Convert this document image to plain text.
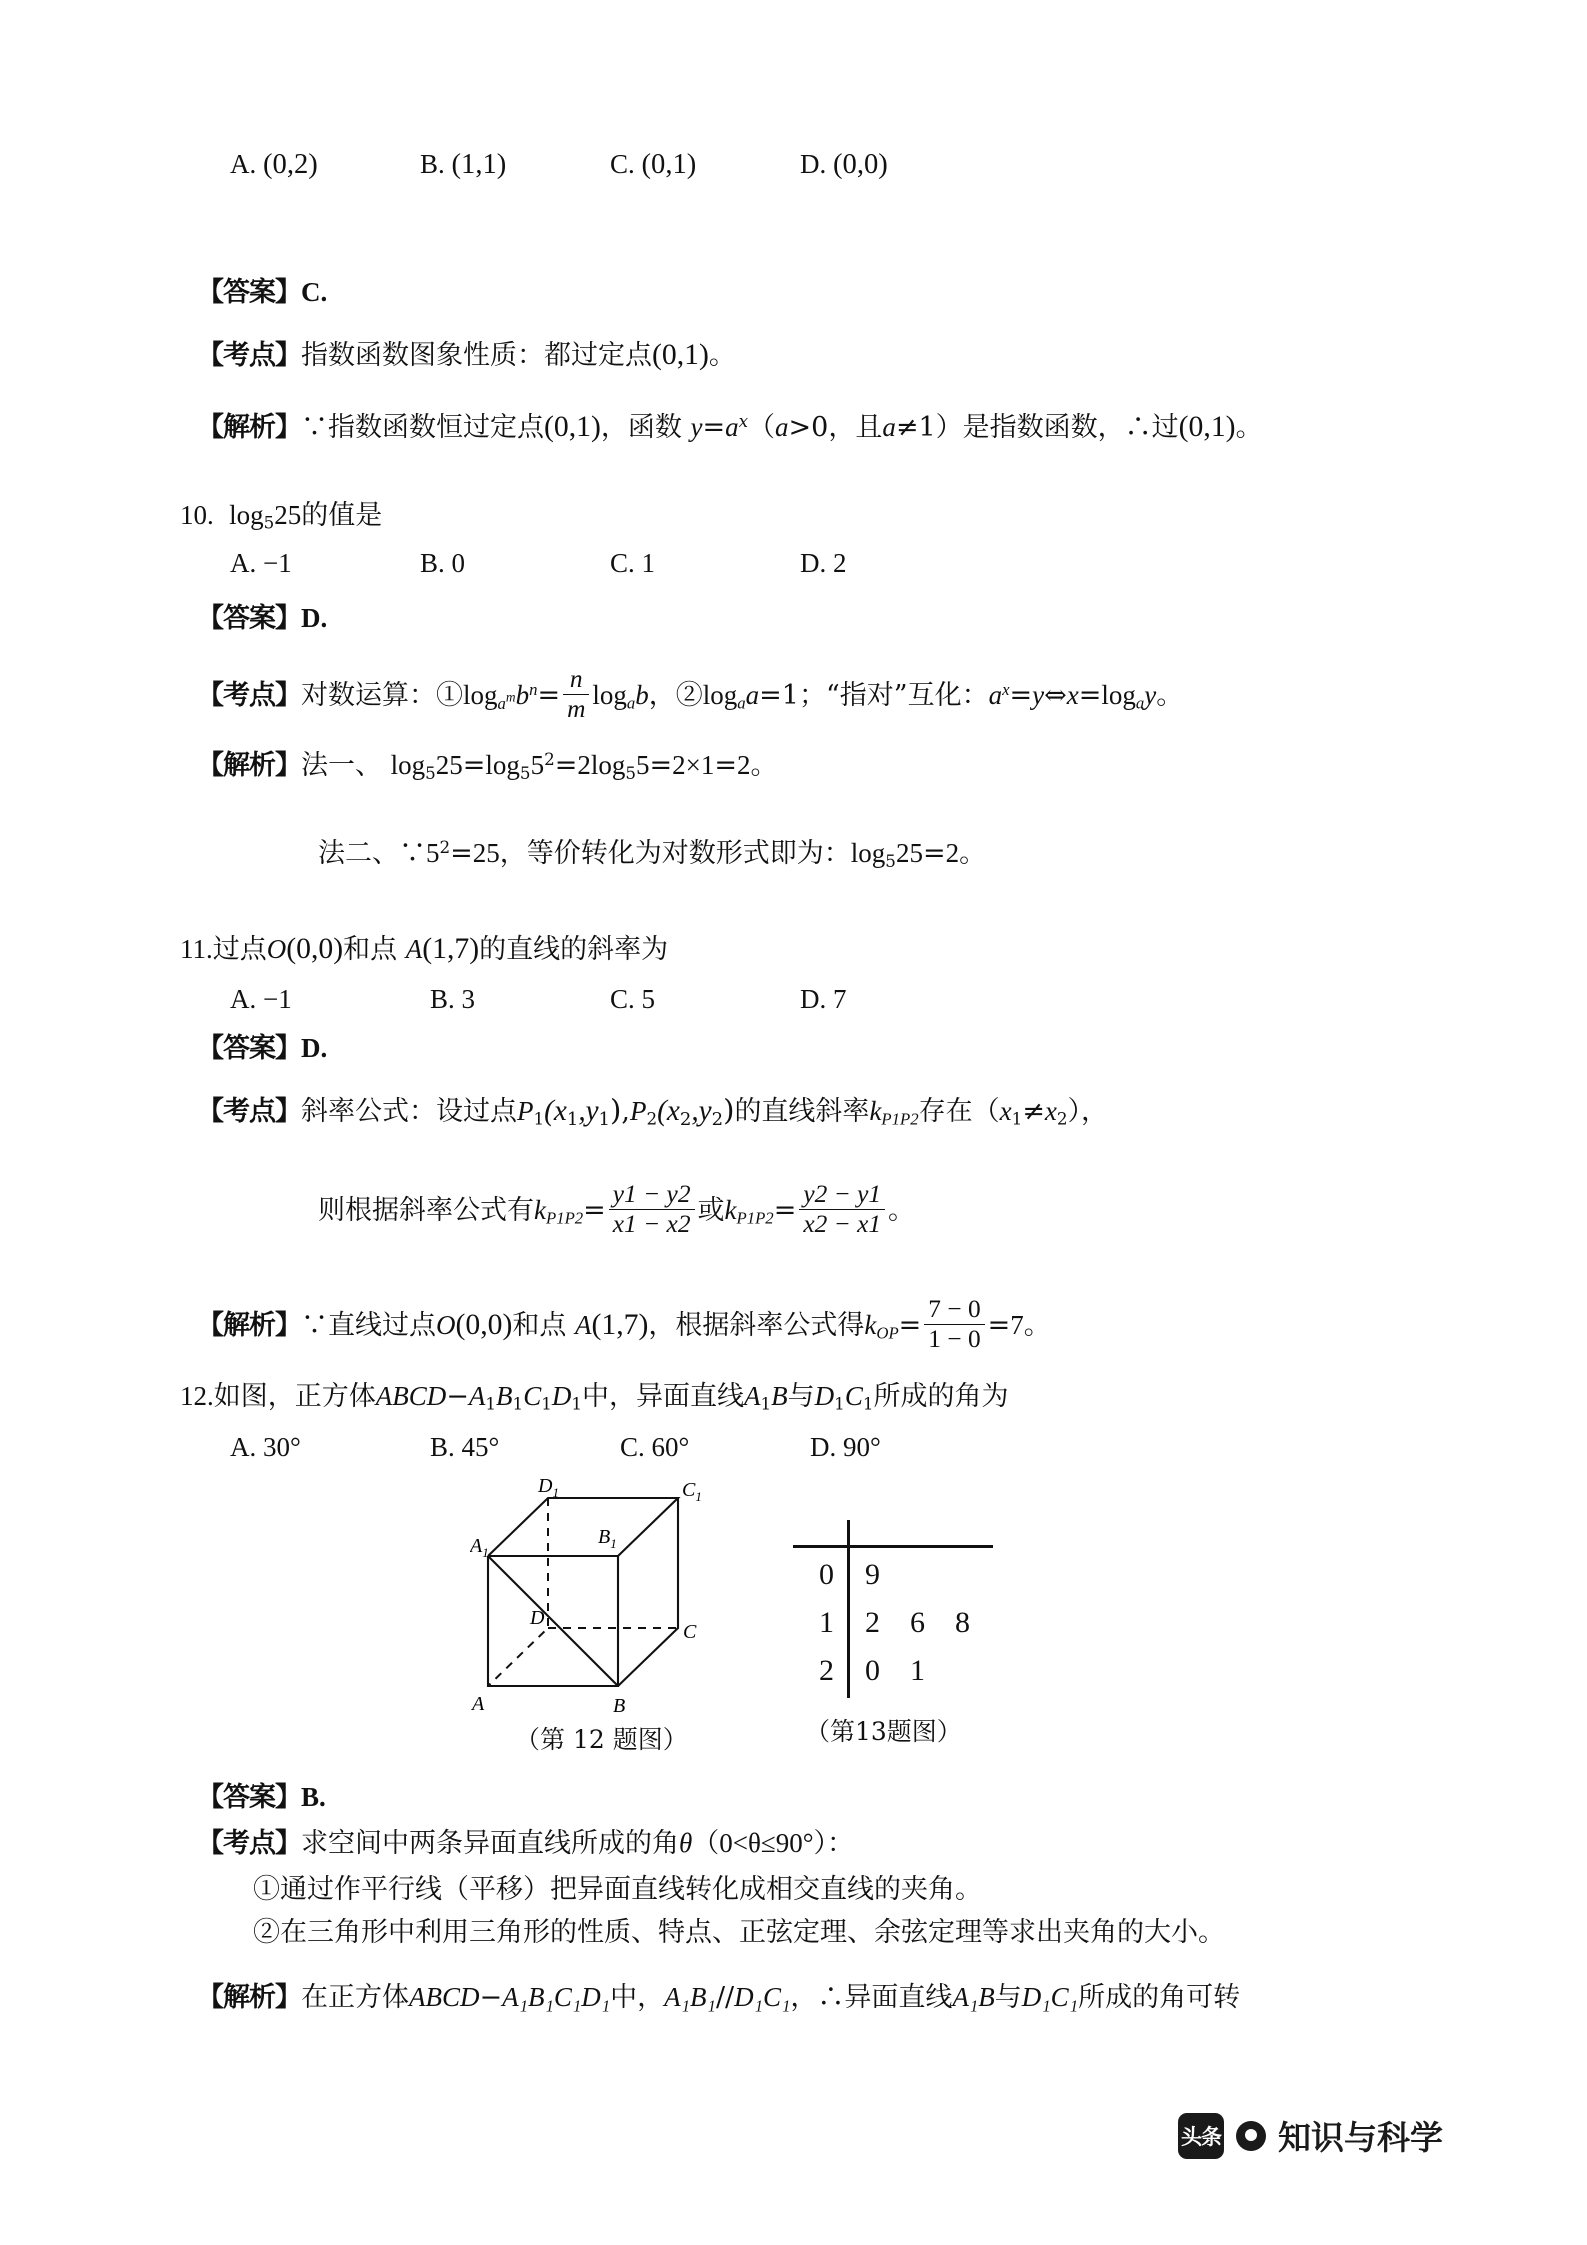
A. (0,2)	B. (1,1)	C. (0,1)	D. (0,0)
【答案】C.
【考点】指数函数图象性质：都过定点(0,1)。
【解析】∵指数函数恒过定点(0,1)，函数 $y=a^x(a>0$，且a≠1）是指数函数，∴过(0,1)。
10. $\log_525$的值是
A. −1	B. 0	C. 1	D. 2
【答案】D.
【考点】对数运算：$①\log_{a^m}b^n= \frac{n}{m} \log_ab$，$②\log_aa=1$；“指对”互化：$a^x=y\Leftrightarrow x=\log_ay$。
【解析】法一、 $\log_525=\log_55^2=2\log_55=2\times 1=2$。
法二、$\because 5^2=25$，等价转化为对数形式即为：$\log_525=2$。
11.过点O(0,0)和点 A(1,7)的直线的斜率为
A. −1	B. 3	C. 5	D. 7
【答案】D.
【考点】斜率公式：设过点$P_1(x_1,y_1),P_2(x_2,y_2)$的直线斜率$k_{P1P2}$存在$(x_1\ne x_2)$，
则根据斜率公式有$k_{P1P2}= \frac{y1 - y2}{x1 - x2}$ 或$k_{P1P2}= \frac{y2 - y1}{x2 - x1}$ 。
【解析】∵直线过点O(0,0)和点 A(1,7)，根据斜率公式得$k_{OP}= \frac{7 - 0}{1 - 0} =7$。
12.如图，正方体$ABCD-A_1B_1C_1D_1$中，异面直线$A_1B$与$D_1C_1$所成的角为
A. 30°	B. 45°	C. 60°	D. 90°
$D_1$	$C_1$
$A_1$
$B_1$
D
C
A	B
（第 12 题图）
0 9
1 2 6 8
2 0 1
（第13题图）
【答案】B.
【考点】求空间中两条异面直线所成的角θ（0<θ≤90°）：
①通过作平行线（平移）把异面直线转化成相交直线的夹角。
②在三角形中利用三角形的性质、特点、正弦定理、余弦定理等求出夹角的大小。
【解析】在正方体ABCD−A₁B₁C₁D₁中，A₁B₁//D₁C₁，∴异面直线A₁B与D₁C₁所成的角可转
头条 知识与科学
